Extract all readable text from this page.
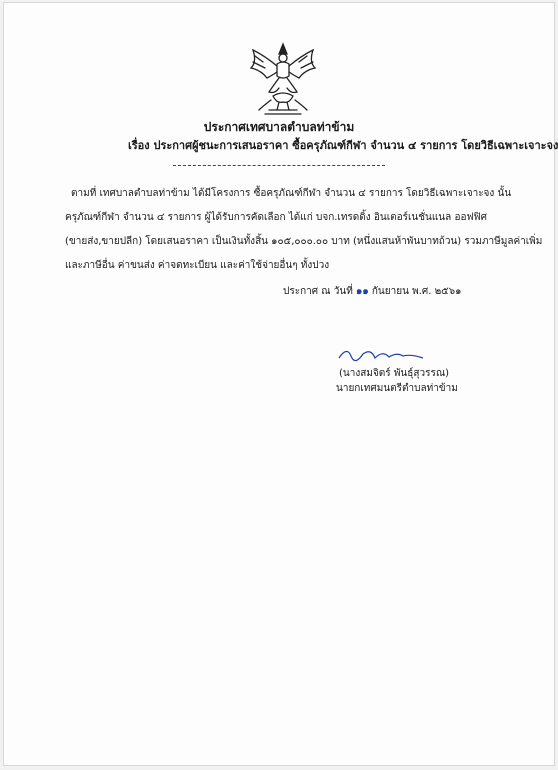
ประกาศเทศบาลตำบลท่าข้าม
เรื่อง ประกาศผู้ชนะการเสนอราคา ซื้อครุภัณฑ์กีฬา จำนวน ๔ รายการ โดยวิธีเฉพาะเจาะจง
ตามที่ เทศบาลตำบลท่าข้าม ได้มีโครงการ ซื้อครุภัณฑ์กีฬา จำนวน ๔ รายการ โดยวิธีเฉพาะเจาะจง นั้น
ครุภัณฑ์กีฬา จำนวน ๔ รายการ ผู้ได้รับการคัดเลือก ได้แก่ บจก.เทรดดิ้ง อินเตอร์เนชั่นแนล ออฟฟิศ
(ขายส่ง,ขายปลีก) โดยเสนอราคา เป็นเงินทั้งสิ้น ๑๐๕,๐๐๐.๐๐ บาท (หนึ่งแสนห้าพันบาทถ้วน) รวมภาษีมูลค่าเพิ่ม
และภาษีอื่น ค่าขนส่ง ค่าจดทะเบียน และค่าใช้จ่ายอื่นๆ ทั้งปวง
ประกาศ ณ วันที่ ๑๑ กันยายน พ.ศ. ๒๕๖๑
(นางสมจิตร์ พันธุ์สุวรรณ)
นายกเทศมนตรีตำบลท่าข้าม
